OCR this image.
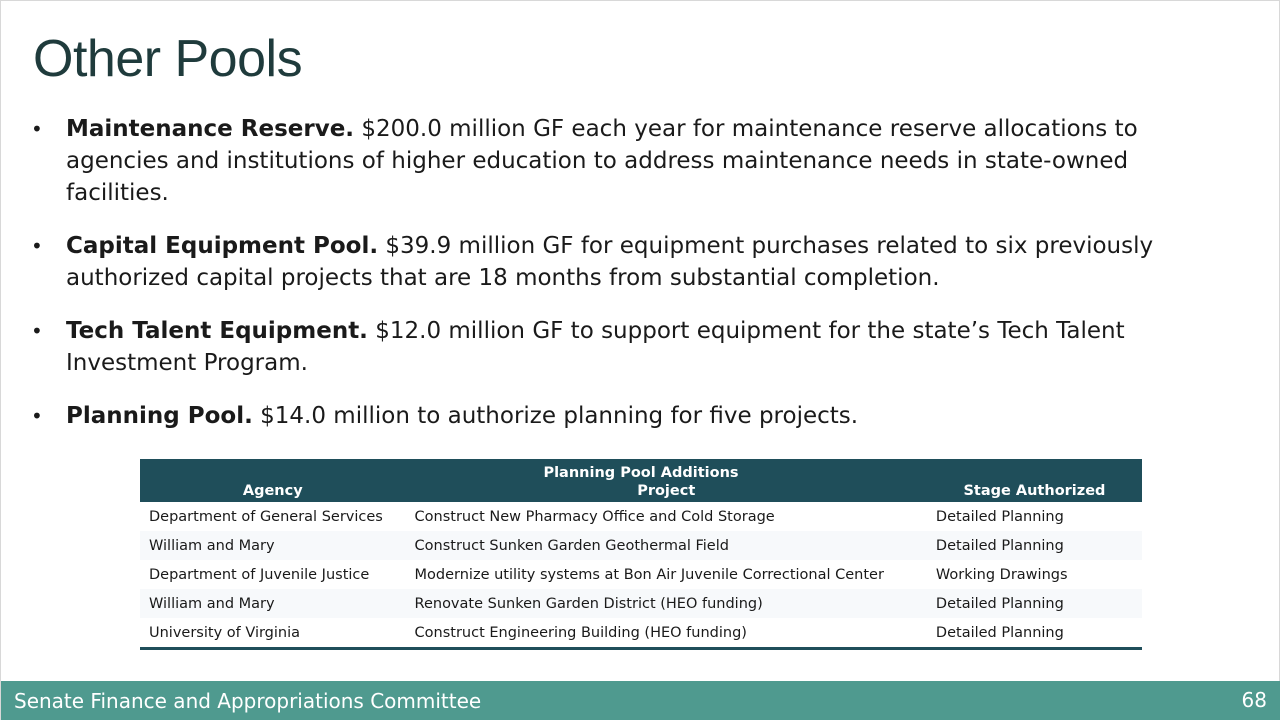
Other Pools
•	Maintenance Reserve. $200.0 million GF each year for maintenance reserve allocations to agencies and institutions of higher education to address maintenance needs in state-owned facilities.
•	Capital Equipment Pool. $39.9 million GF for equipment purchases related to six previously authorized capital projects that are 18 months from substantial completion.
•	Tech Talent Equipment. $12.0 million GF to support equipment for the state’s Tech Talent Investment Program.
•	Planning Pool. $14.0 million to authorize planning for five projects.
Planning Pool Additions		
Agency	Project	Stage Authorized
Department of General Services	Construct New Pharmacy Office and Cold Storage	Detailed Planning
William and Mary	Construct Sunken Garden Geothermal Field	Detailed Planning
Department of Juvenile Justice	Modernize utility systems at Bon Air Juvenile Correctional Center	Working Drawings
William and Mary	Renovate Sunken Garden District (HEO funding)	Detailed Planning
University of Virginia	Construct Engineering Building (HEO funding)	Detailed Planning
Senate Finance and Appropriations Committee	68
